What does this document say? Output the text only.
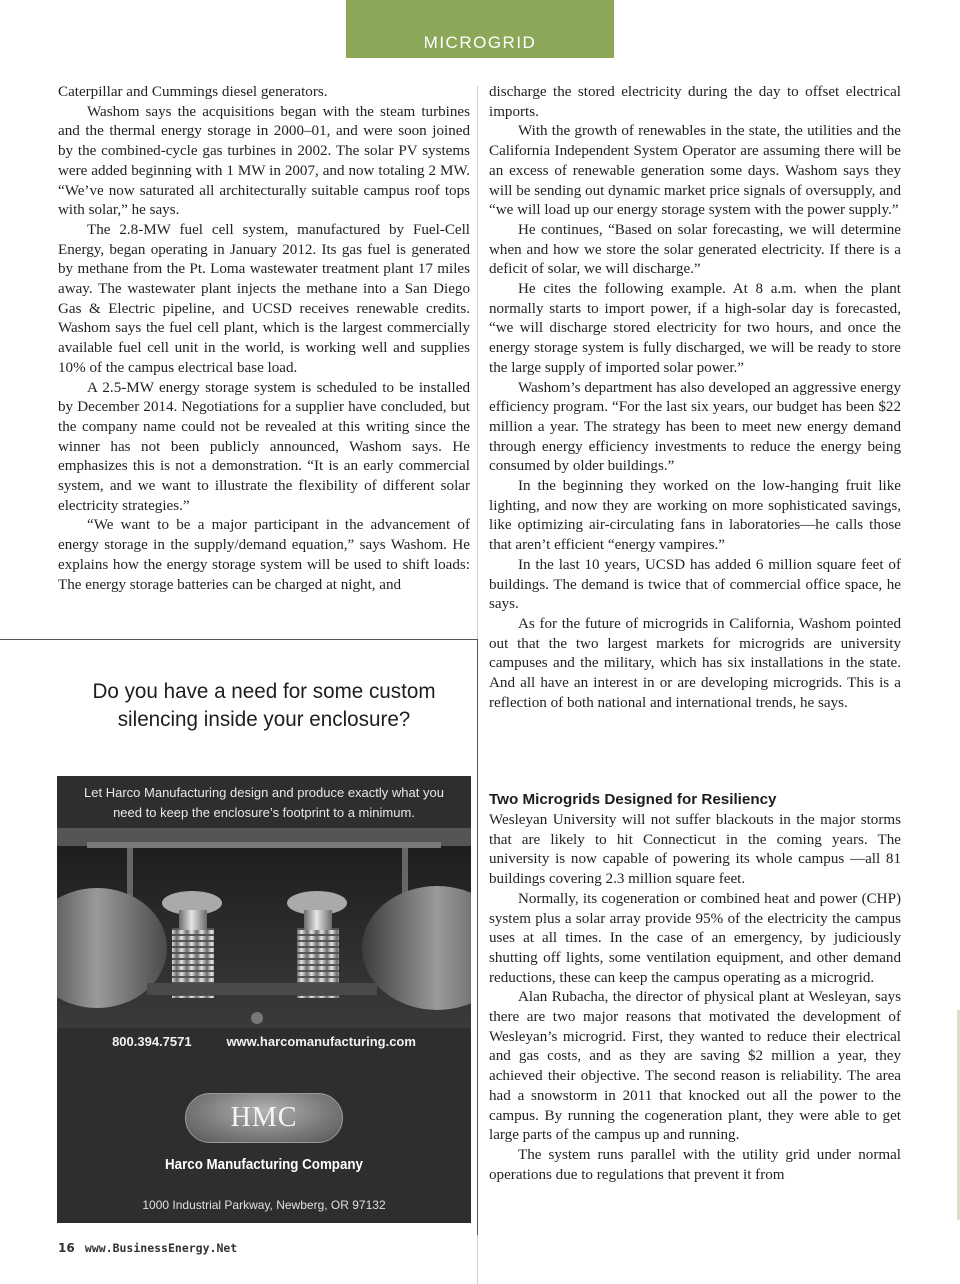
MICROGRID

Caterpillar and Cummings diesel generators.

Washom says the acquisitions began with the steam turbines and the thermal energy storage in 2000–01, and were soon joined by the combined-cycle gas turbines in 2002. The solar PV systems were added beginning with 1 MW in 2007, and now totaling 2 MW. “We’ve now saturated all architecturally suitable campus roof tops with solar,” he says.

The 2.8-MW fuel cell system, manufactured by Fuel-Cell Energy, began operating in January 2012. Its gas fuel is generated by methane from the Pt. Loma wastewater treatment plant 17 miles away. The wastewater plant injects the methane into a San Diego Gas & Electric pipeline, and UCSD receives renewable credits. Washom says the fuel cell plant, which is the largest commercially available fuel cell unit in the world, is working well and supplies 10% of the campus electrical base load.

A 2.5-MW energy storage system is scheduled to be installed by December 2014. Negotiations for a supplier have concluded, but the company name could not be revealed at this writing since the winner has not been publicly announced, Washom says. He emphasizes this is not a demonstration. “It is an early commercial system, and we want to illustrate the flexibility of different solar electricity strategies.”

“We want to be a major participant in the advancement of energy storage in the supply/demand equation,” says Washom. He explains how the energy storage system will be used to shift loads: The energy storage batteries can be charged at night, and

discharge the stored electricity during the day to offset electrical imports.

With the growth of renewables in the state, the utilities and the California Independent System Operator are assuming there will be an excess of renewable generation some days. Washom says they will be sending out dynamic market price signals of oversupply, and “we will load up our energy storage system with the power supply.”

He continues, “Based on solar forecasting, we will determine when and how we store the solar generated electricity. If there is a deficit of solar, we will discharge.”

He cites the following example. At 8 a.m. when the plant normally starts to import power, if a high-solar day is forecasted, “we will discharge stored electricity for two hours, and once the energy storage system is fully discharged, we will be ready to store the large supply of imported solar power.”

Washom’s department has also developed an aggressive energy efficiency program. “For the last six years, our budget has been $22 million a year. The strategy has been to meet new energy demand through energy efficiency investments to reduce the energy being consumed by older buildings.”

In the beginning they worked on the low-hanging fruit like lighting, and now they are working on more sophisticated savings, like optimizing air-circulating fans in laboratories—he calls those that aren’t efficient “energy vampires.”

In the last 10 years, UCSD has added 6 million square feet of buildings. The demand is twice that of commercial office space, he says.

As for the future of microgrids in California, Washom pointed out that the two largest markets for microgrids are university campuses and the military, which has six installations in the state. And all have an interest in or are developing microgrids. This is a reflection of both national and international trends, he says.

Two Microgrids Designed for Resiliency

Wesleyan University will not suffer blackouts in the major storms that are likely to hit Connecticut in the coming years. The university is now capable of powering its whole campus —all 81 buildings covering 2.3 million square feet.

Normally, its cogeneration or combined heat and power (CHP) system plus a solar array provide 95% of the electricity the campus uses at all times. In the case of an emergency, by judiciously shutting off lights, some ventilation equipment, and other demand reductions, these can keep the campus operating as a microgrid.

Alan Rubacha, the director of physical plant at Wesleyan, says there are two major reasons that motivated the development of Wesleyan’s microgrid. First, they wanted to reduce their electrical and gas costs, and as they are saving $2 million a year, they achieved their objective. The second reason is reliability. The area had a snowstorm in 2011 that knocked out all the power to the campus. By running the cogeneration plant, they were able to get large parts of the campus up and running.

The system runs parallel with the utility grid under normal operations due to regulations that prevent it from

Do you have a need for some custom silencing inside your enclosure?
Let Harco Manufacturing design and produce exactly what you need to keep the enclosure’s footprint to a minimum.
800.394.7571	www.harcomanufacturing.com
HMC
Harco Manufacturing Company
1000 Industrial Parkway, Newberg, OR 97132
16 www.BusinessEnergy.Net
